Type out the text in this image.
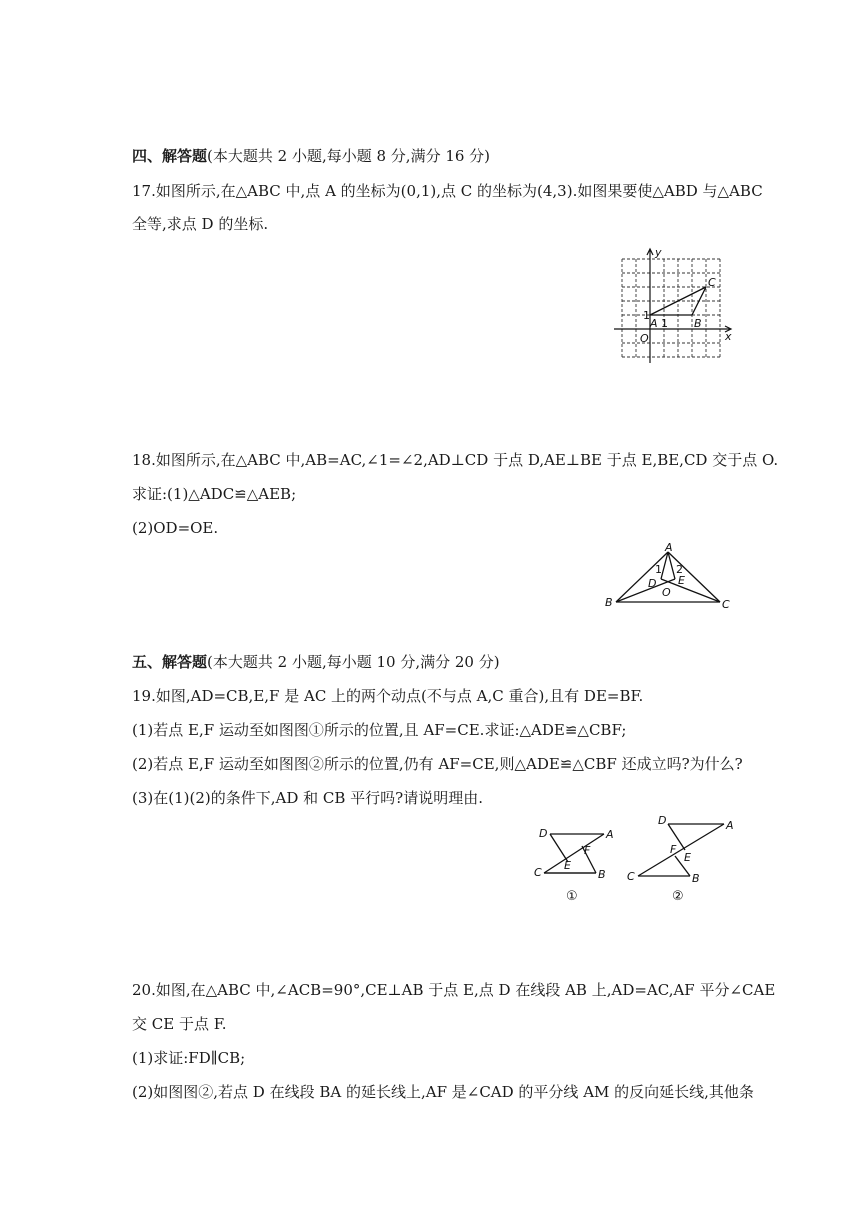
四、解答题(本大题共 2 小题,每小题 8 分,满分 16 分)
17.如图所示,在△ABC 中,点 A 的坐标为(0,1),点 C 的坐标为(4,3).如图果要使△ABD 与△ABC
全等,求点 D 的坐标.
y
x
O
A	B
C
1
1
18.如图所示,在△ABC 中,AB=AC,∠1=∠2,AD⊥CD 于点 D,AE⊥BE 于点 E,BE,CD 交于点 O.
求证:(1)△ADC≌△AEB;
(2)OD=OE.
A
B	C
D E
O
1 2
五、解答题(本大题共 2 小题,每小题 10 分,满分 20 分)
19.如图,AD=CB,E,F 是 AC 上的两个动点(不与点 A,C 重合),且有 DE=BF.
(1)若点 E,F 运动至如图图①所示的位置,且 AF=CE.求证:△ADE≌△CBF;
(2)若点 E,F 运动至如图图②所示的位置,仍有 AF=CE,则△ADE≌△CBF 还成立吗?为什么?
(3)在(1)(2)的条件下,AD 和 CB 平行吗?请说明理由.
D	A
C	B
E
F
①
D	A
C	B
E
F
②
20.如图,在△ABC 中,∠ACB=90°,CE⊥AB 于点 E,点 D 在线段 AB 上,AD=AC,AF 平分∠CAE
交 CE 于点 F.
(1)求证:FD∥CB;
(2)如图图②,若点 D 在线段 BA 的延长线上,AF 是∠CAD 的平分线 AM 的反向延长线,其他条
